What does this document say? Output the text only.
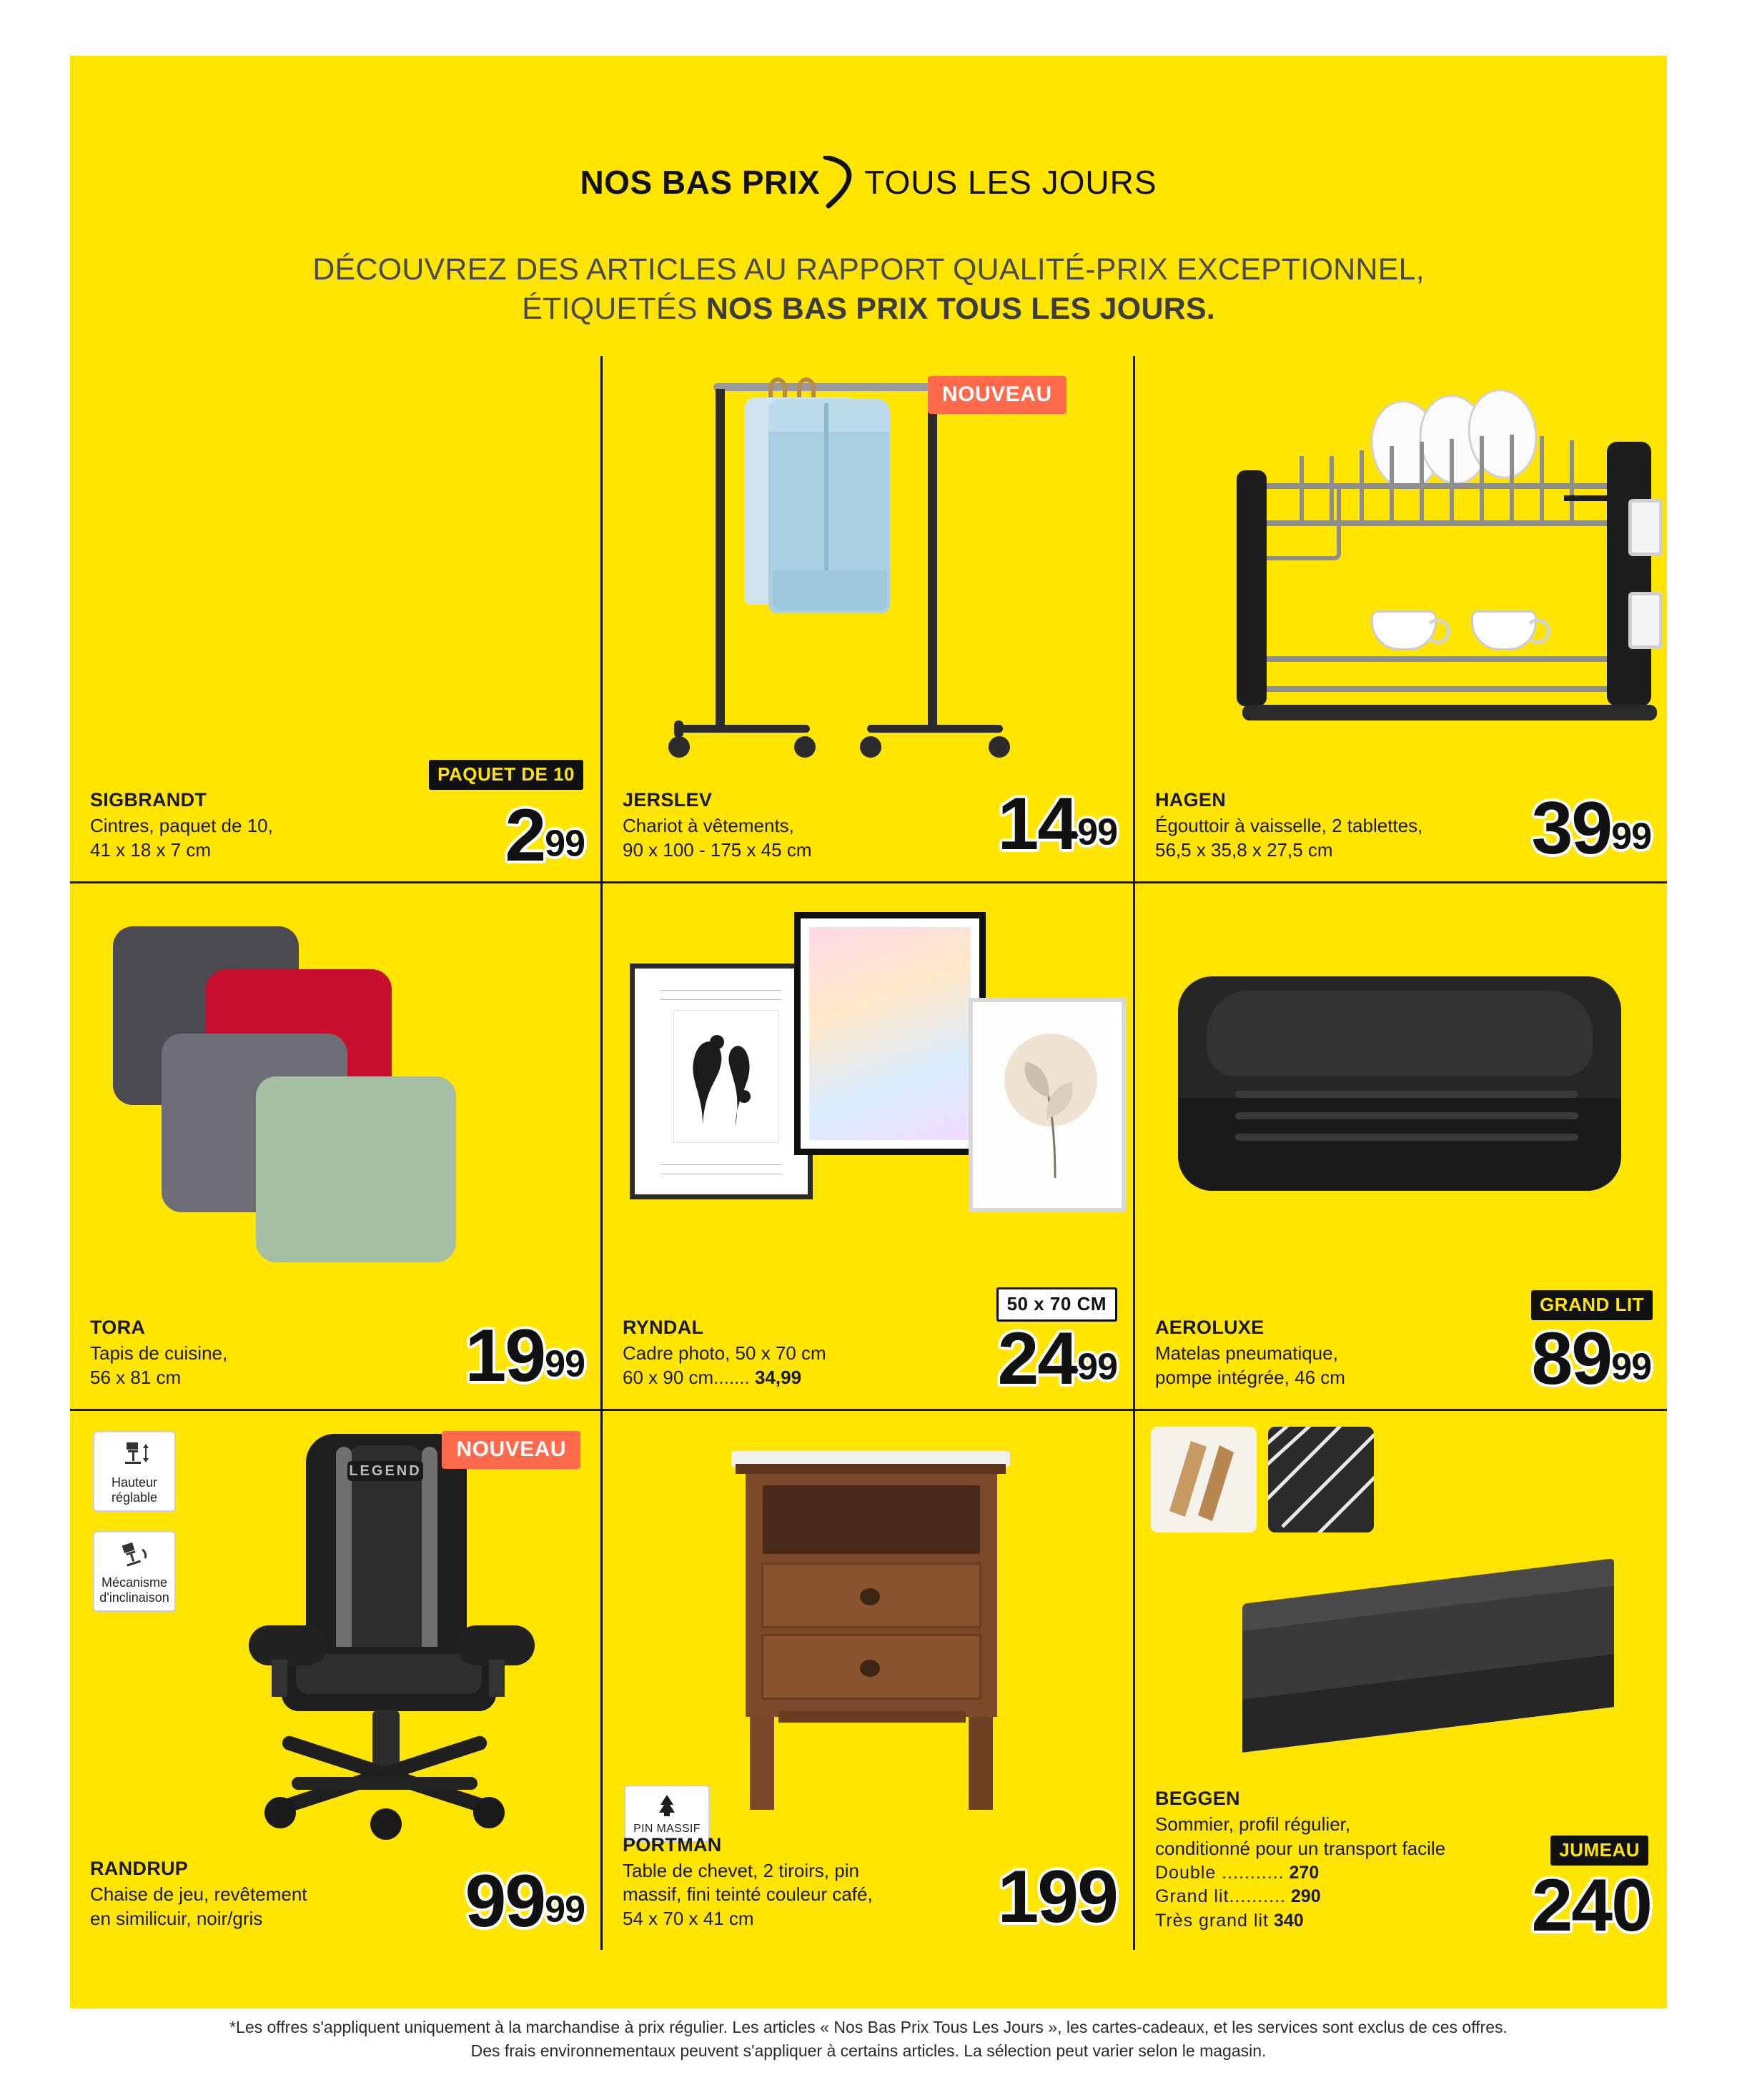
NOS BAS PRIX TOUS LES JOURS
DÉCOUVREZ DES ARTICLES AU RAPPORT QUALITÉ-PRIX EXCEPTIONNEL,
ÉTIQUETÉS NOS BAS PRIX TOUS LES JOURS.
SIGBRANDT
Cintres, paquet de 10,
41 x 18 x 7 cm
PAQUET DE 10
299
NOUVEAU
JERSLEV
Chariot à vêtements,
90 x 100 - 175 x 45 cm 1499
HAGEN
Égouttoir à vaisselle, 2 tablettes,
56,5 x 35,8 x 27,5 cm	3999
TORA
Tapis de cuisine,
56 x 81 cm	1999
50 x 70 CM
RYNDAL
Cadre photo, 50 x 70 cm
60 x 90 cm....... 34,99	2499
GRAND LIT
AEROLUXE
Matelas pneumatique,
pompe intégrée, 46 cm	8999
LEGEND
Hauteur
réglable
Mécanisme
d'inclinaison
NOUVEAU
RANDRUP
Chaise de jeu, revêtement
en similicuir, noir/gris	9999
PIN MASSIF
PORTMAN
Table de chevet, 2 tiroirs, pin
massif, fini teinté couleur café,
54 x 70 x 41 cm	199
BEGGEN
Sommier, profil régulier,
conditionné pour un transport facile
Double ........... 270
Grand lit.......... 290
Très grand lit 340
JUMEAU
240
*Les offres s'appliquent uniquement à la marchandise à prix régulier. Les articles « Nos Bas Prix Tous Les Jours », les cartes-cadeaux, et les services sont exclus de ces offres.
Des frais environnementaux peuvent s'appliquer à certains articles. La sélection peut varier selon le magasin.
